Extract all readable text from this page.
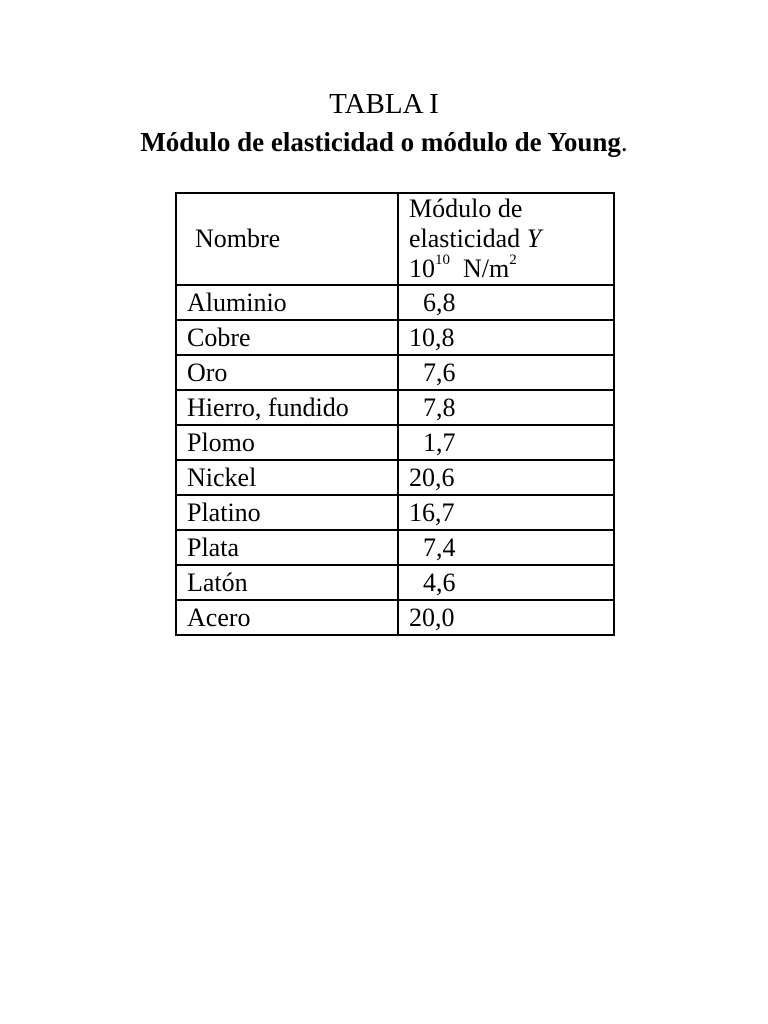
TABLA I
Módulo de elasticidad o módulo de Young.
Nombre	Módulo de
elasticidad Y
$10^{10}$  $N/m^2$

Aluminio	6,8
Cobre	10,8
Oro	7,6
Hierro, fundido	7,8
Plomo	1,7
Nickel	20,6
Platino	16,7
Plata	7,4
Latón	4,6
Acero	20,0
